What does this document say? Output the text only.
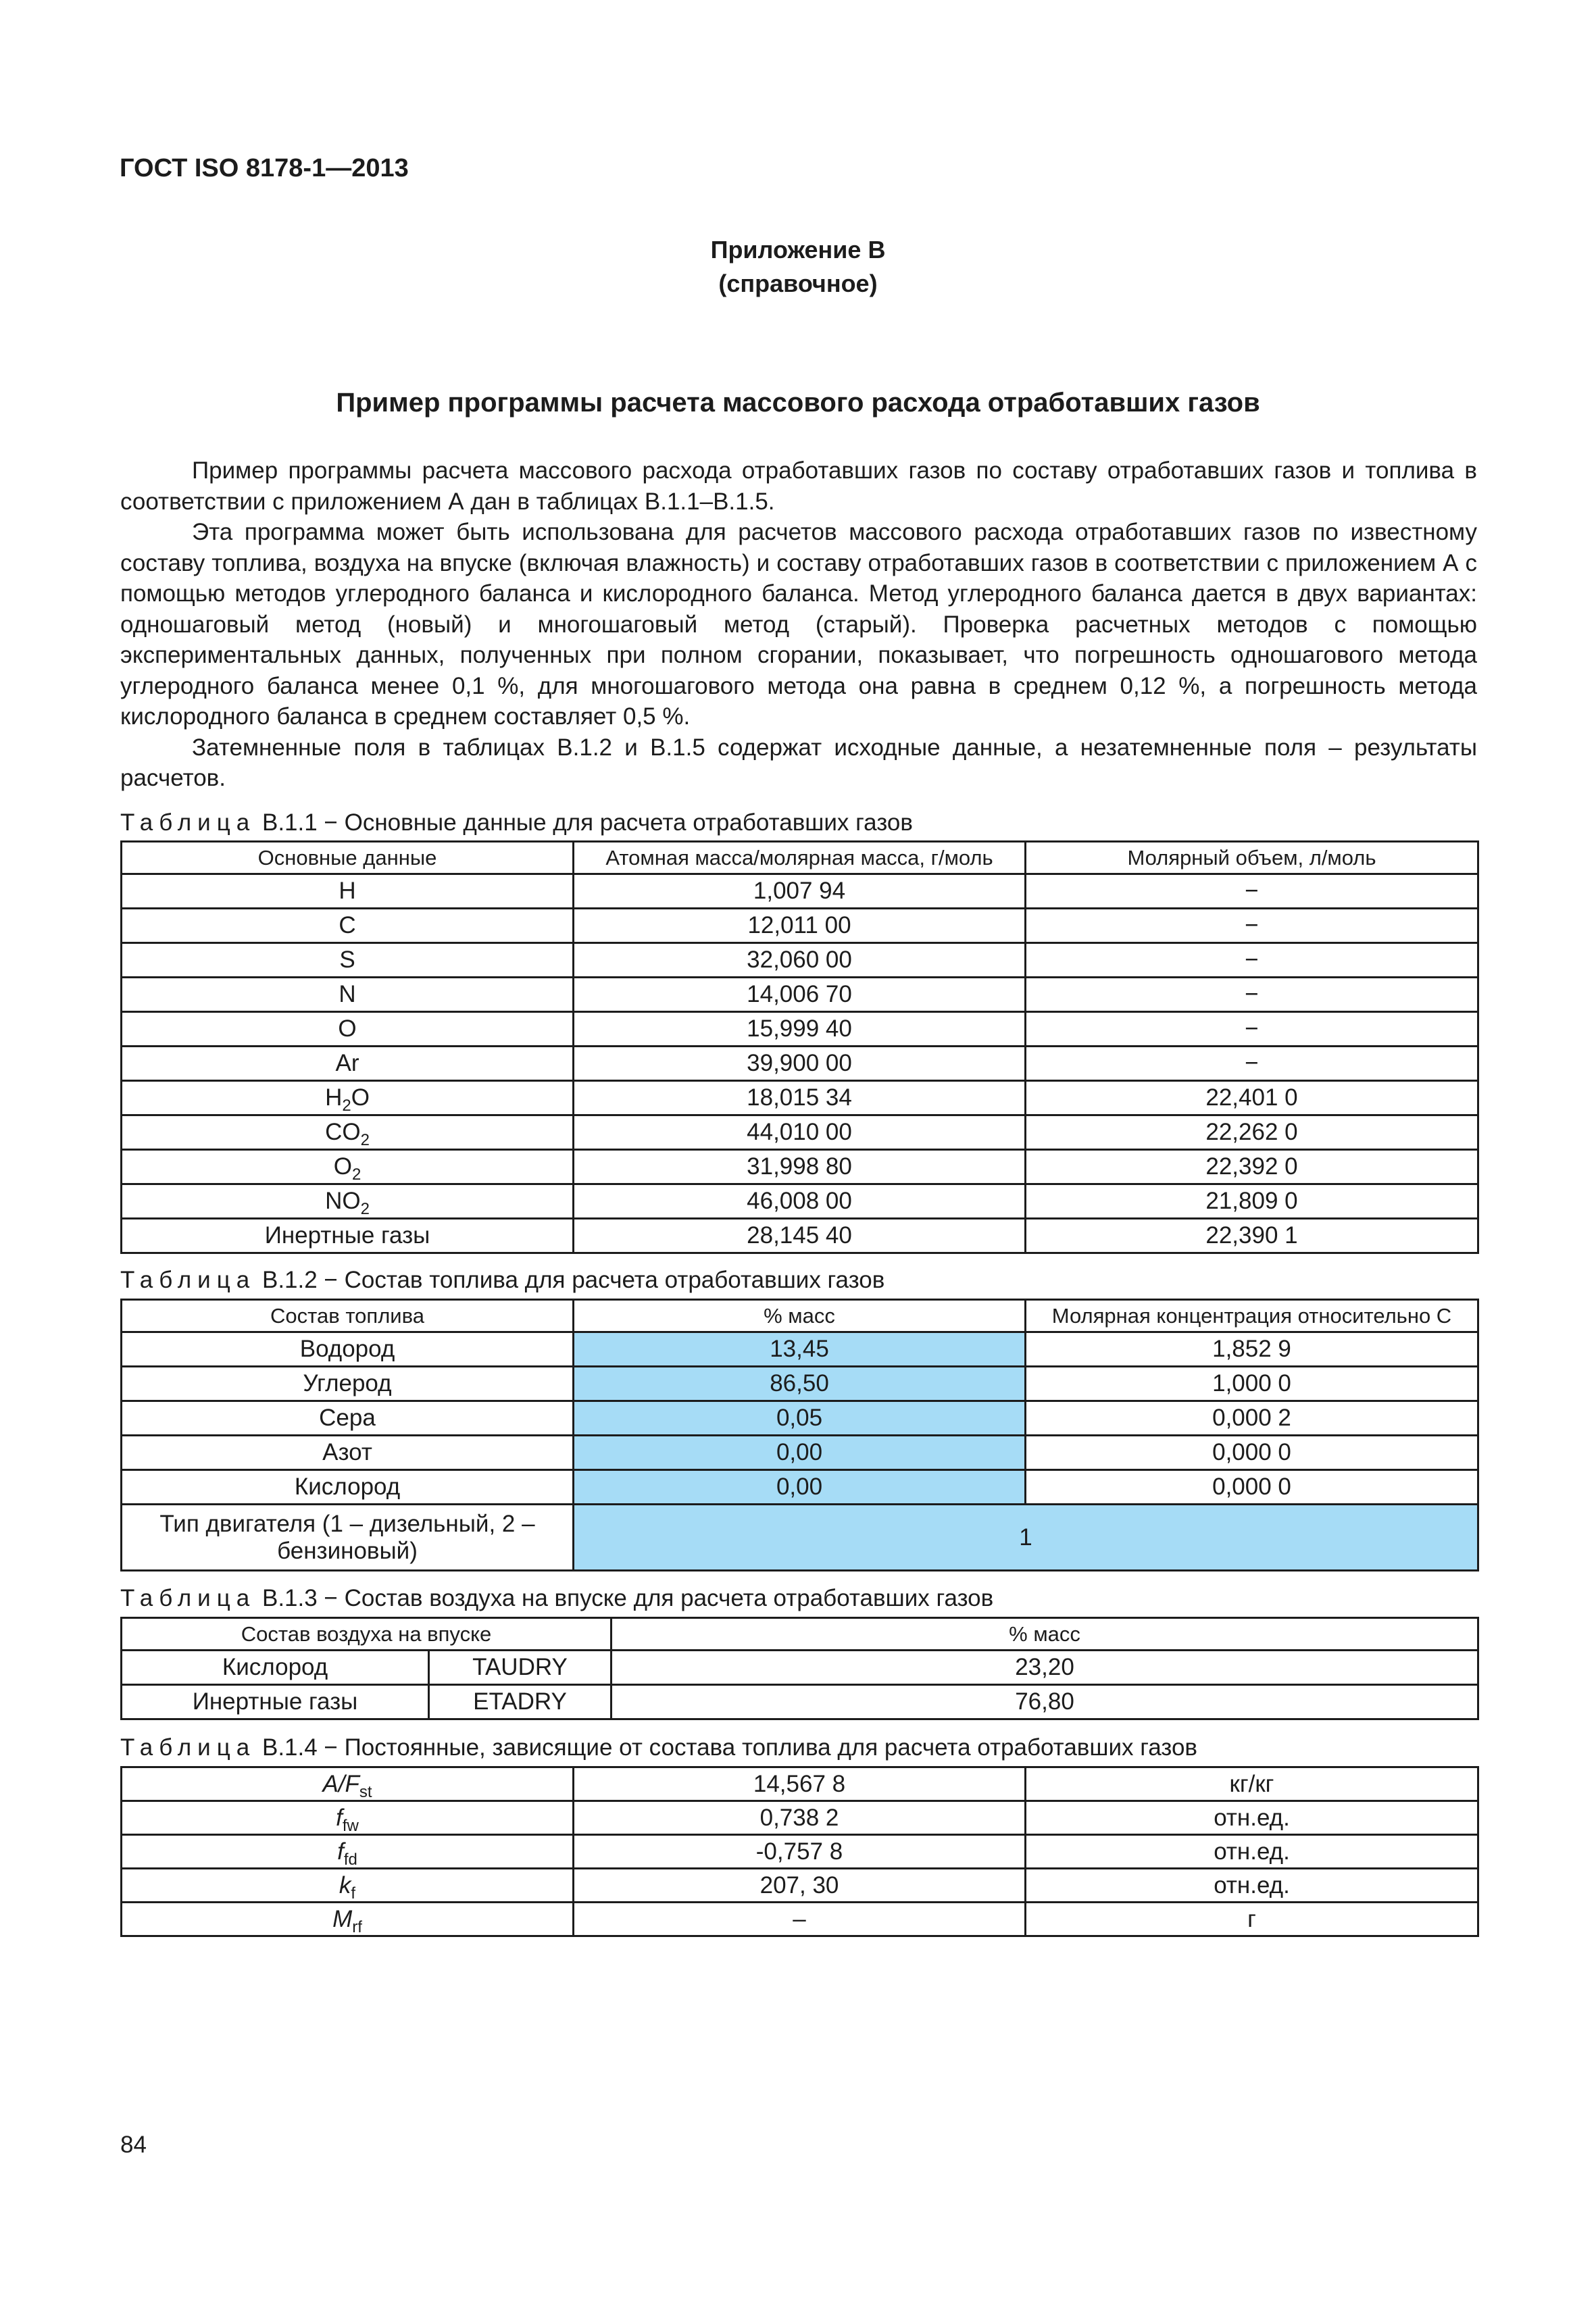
ГОСТ ISO 8178-1—2013
Приложение В
(справочное)
Пример программы расчета массового расхода отработавших газов

Пример программы расчета массового расхода отработавших газов по составу отработавших газов и топлива в соответствии с приложением А дан в таблицах В.1.1–В.1.5.

Эта программа может быть использована для расчетов массового расхода отработавших газов по известному составу топлива, воздуха на впуске (включая влажность) и составу отработавших газов в соответствии с приложением А с помощью методов углеродного баланса и кислородного баланса. Метод углеродного баланса дается в двух вариантах: одношаговый метод (новый) и многошаговый метод (старый). Проверка расчетных методов с помощью экспериментальных данных, полученных при полном сгорании, показывает, что погрешность одношагового метода углеродного баланса менее 0,1 %, для многошагового метода она равна в среднем 0,12 %, а погрешность метода кислородного баланса в среднем составляет 0,5 %.

Затемненные поля в таблицах В.1.2 и В.1.5 содержат исходные данные, а незатемненные поля – результаты расчетов.

Таблица В.1.1 − Основные данные для расчета отработавших газов
Основные данные	Атомная масса/молярная масса, г/моль	Молярный объем, л/моль
H	1,007 94	−
C	12,011 00	−
S	32,060 00	−
N	14,006 70	−
O	15,999 40	−
Ar	39,900 00	−
$H_2O$	18,015 34	22,401 0
$CO_2$	44,010 00	22,262 0
$O_2$	31,998 80	22,392 0
$NO_2$	46,008 00	21,809 0
Инертные газы	28,145 40	22,390 1
Таблица В.1.2 − Состав топлива для расчета отработавших газов
Состав топлива	% масс	Молярная концентрация относительно С
Водород	13,45	1,852 9
Углерод	86,50	1,000 0
Сера	0,05	0,000 2
Азот	0,00	0,000 0
Кислород	0,00	0,000 0
Тип двигателя (1 – дизельный, 2 – бензиновый)	1	
Таблица В.1.3 − Состав воздуха на впуске для расчета отработавших газов
Состав воздуха на впуске		% масс
Кислород	TAUDRY	23,20
Инертные газы	ETADRY	76,80
Таблица В.1.4 − Постоянные, зависящие от состава топлива для расчета отработавших газов
$A/F_{st}$	14,567 8	кг/кг
$f_{fw}$	0,738 2	отн.ед.
$f_{fd}$	-0,757 8	отн.ед.
$k_f$	207, 30	отн.ед.
$M_{rf}$	–	г
84
